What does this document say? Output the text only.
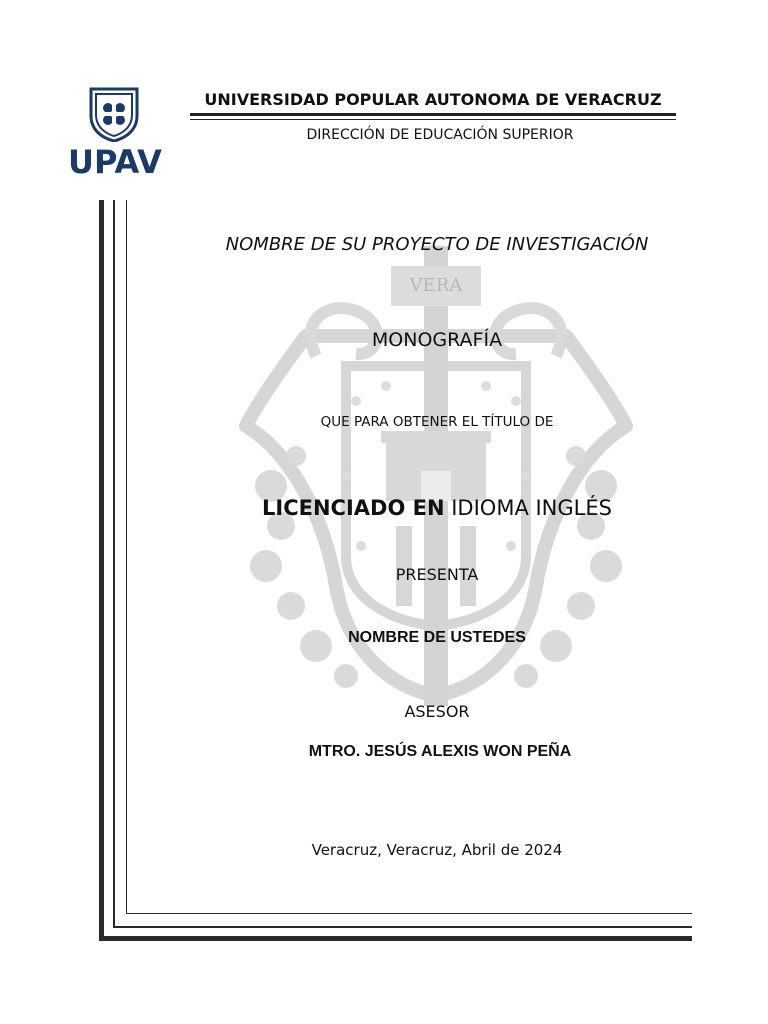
UPAV
UNIVERSIDAD POPULAR AUTONOMA DE VERACRUZ
DIRECCIÓN DE EDUCACIÓN SUPERIOR
VERA
NOMBRE DE SU PROYECTO DE INVESTIGACIÓN
MONOGRAFÍA
QUE PARA OBTENER EL TÍTULO DE
LICENCIADO EN IDIOMA INGLÉS
PRESENTA
NOMBRE DE USTEDES
ASESOR
MTRO. JESÚS ALEXIS WON PEÑA
Veracruz, Veracruz, Abril de 2024
